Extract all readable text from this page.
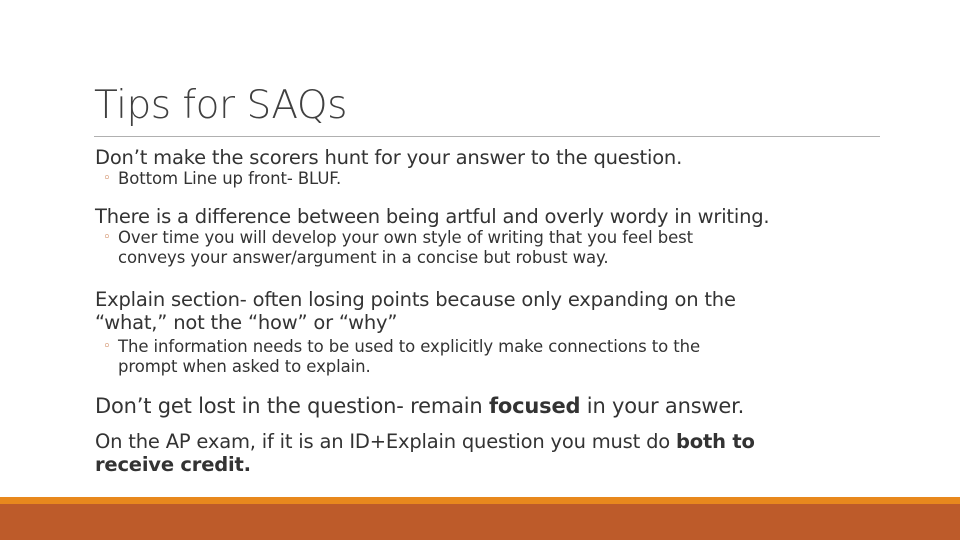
Tips for SAQs
Don’t make the scorers hunt for your answer to the question.
◦ Bottom Line up front- BLUF.
There is a difference between being artful and overly wordy in writing.
◦ Over time you will develop your own style of writing that you feel best
conveys your answer/argument in a concise but robust way.
Explain section- often losing points because only expanding on the
“what,” not the “how” or “why”
◦ The information needs to be used to explicitly make connections to the
prompt when asked to explain.
Don’t get lost in the question- remain focused in your answer.
On the AP exam, if it is an ID+Explain question you must do both to
receive credit.
